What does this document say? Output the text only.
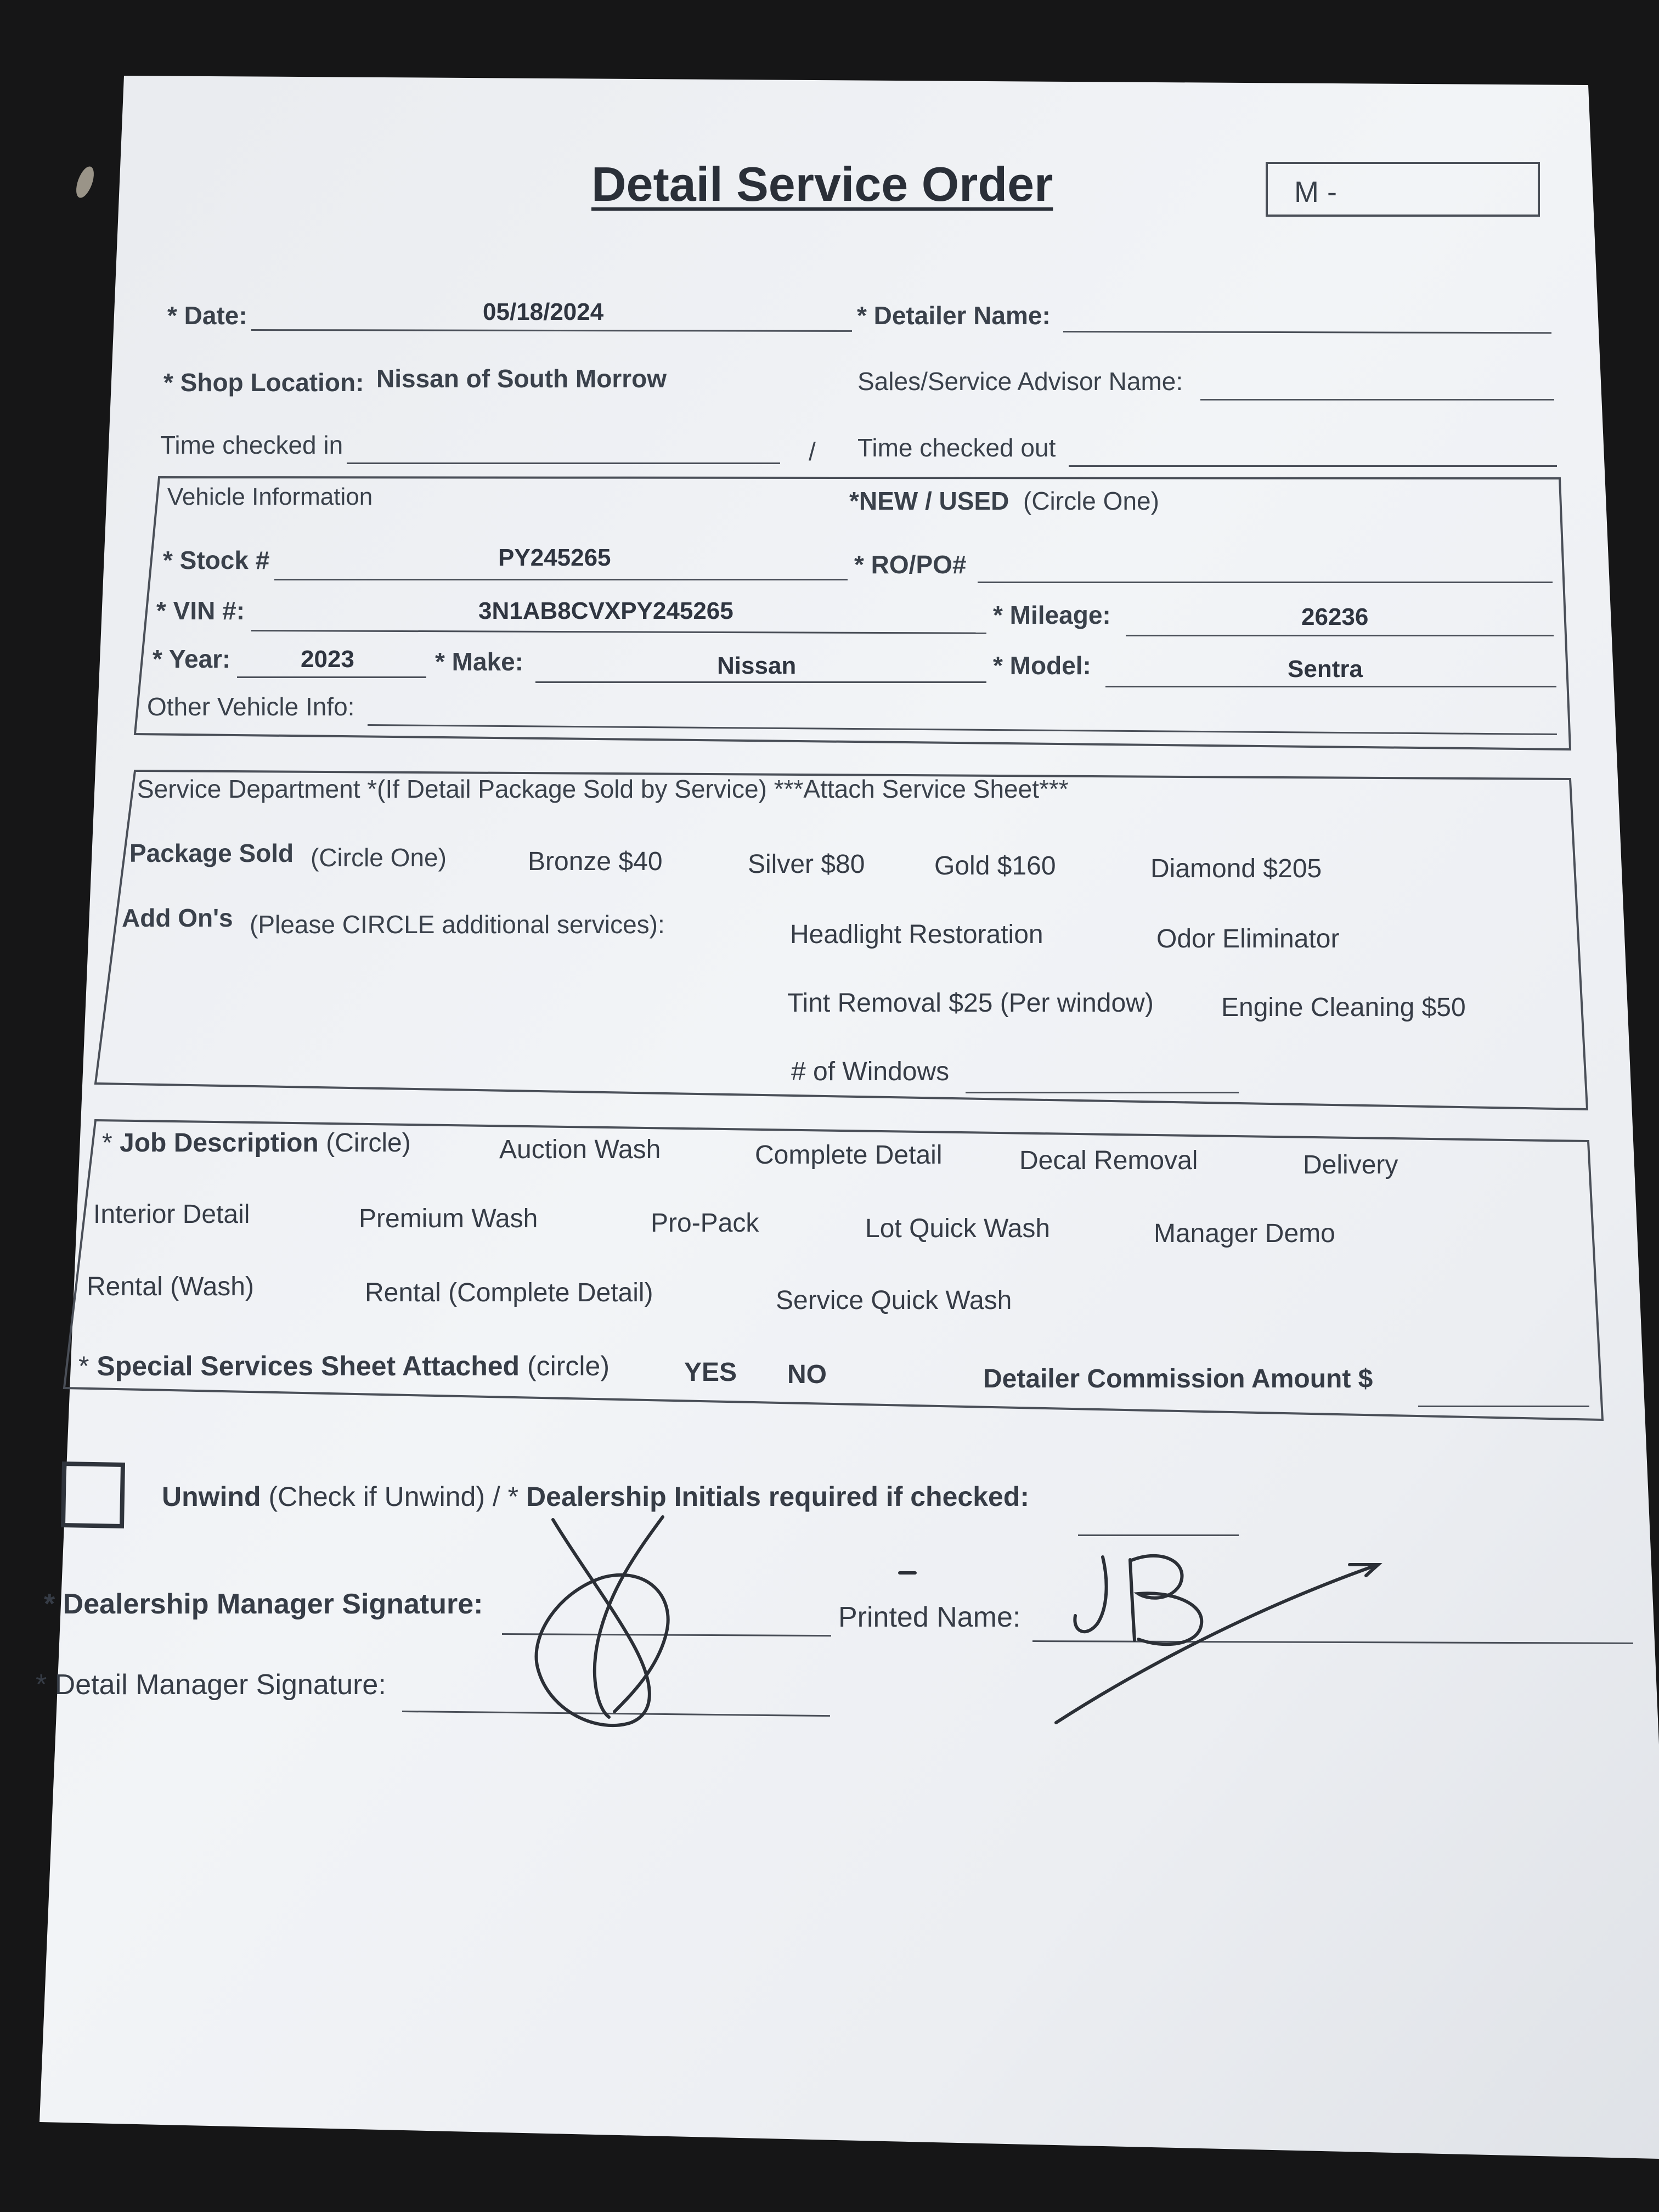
Detail Service Order	M -
* Date:	05/18/2024	* Detailer Name:
* Shop Location: Nissan of South Morrow	Sales/Service Advisor Name:
Time checked in	/ Time checked out
Vehicle Information	*NEW / USED (Circle One)
* Stock #	PY245265	* RO/PO#
* VIN #:	3N1AB8CVXPY245265	* Mileage:	26236
* Year:	2023	* Make:	Nissan	* Model:	Sentra
Other Vehicle Info:
Service Department *(If Detail Package Sold by Service) ***Attach Service Sheet***
Package Sold (Circle One)	Bronze $40	Silver $80	Gold $160	Diamond $205
Add On's (Please CIRCLE additional services):	Headlight Restoration	Odor Eliminator
Tint Removal $25 (Per window)	Engine Cleaning $50
# of Windows
* Job Description (Circle)	Auction Wash	Complete Detail	Decal Removal	Delivery
Interior Detail	Premium Wash	Pro-Pack	Lot Quick Wash	Manager Demo
Rental (Wash)	Rental (Complete Detail)	Service Quick Wash
* Special Services Sheet Attached (circle)	YES NO	Detailer Commission Amount $
Unwind (Check if Unwind) / * Dealership Initials required if checked:
* Dealership Manager Signature:	Printed Name:
* Detail Manager Signature:
